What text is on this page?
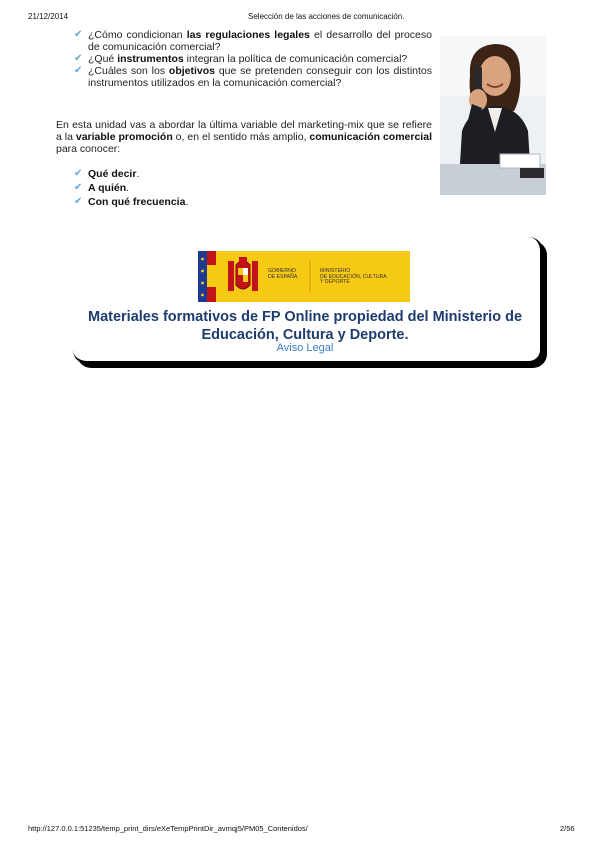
21/12/2014	Selección de las acciones de comunicación.
✔ ¿Cómo condicionan las regulaciones legales el desarrollo del proceso de comunicación comercial?
✔ ¿Qué instrumentos integran la política de comunicación comercial?
✔ ¿Cuáles son los objetivos que se pretenden conseguir con los distintos instrumentos utilizados en la comunicación comercial?

En esta unidad vas a abordar la última variable del marketing-mix que se refiere a la variable promoción o, en el sentido más amplio, comunicación comercial para conocer:

✔ Qué decir.
✔ A quién.
✔ Con qué frecuencia.
GOBIERNO
DE ESPAÑA
MINISTERIO
DE EDUCACIÓN, CULTURA
Y DEPORTE
Materiales formativos de FP Online propiedad del Ministerio de
Educación, Cultura y Deporte.
Aviso Legal
http://127.0.0.1:51235/temp_print_dirs/eXeTempPrintDir_avmqj5/PM05_Contenidos/	2/56
